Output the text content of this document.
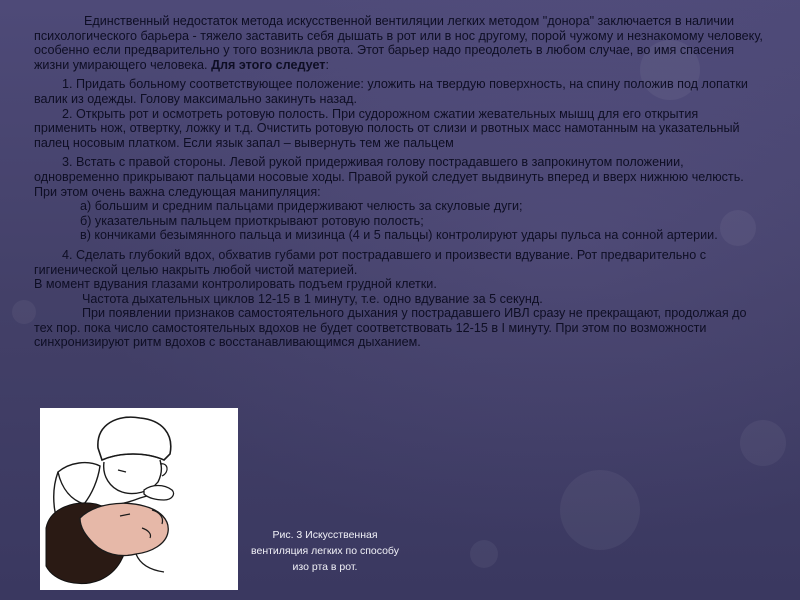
Единственный недостаток метода искусственной вентиляции легких методом "донора" заключается в наличии психологического барьера - тяжело заставить себя дышать в рот или в нос другому, порой чужому и незнакомому человеку, особенно если предварительно у того возникла рвота. Этот барьер надо преодолеть в любом случае, во имя спасения жизни умирающего человека. Для этого следует:

1. Придать больному соответствующее положение: уложить на твердую поверхность, на спину положив под лопатки валик из одежды. Голову максимально закинуть назад.

2. Открыть рот и осмотреть ротовую полость. При судорожном сжатии жевательных мышц для его открытия применить нож, отвертку, ложку и т.д. Очистить ротовую полость от слизи и рвотных масс намотанным на указательный палец носовым платком. Если язык запал – вывернуть тем же пальцем

3. Встать с правой стороны. Левой рукой придерживая голову пострадавшего в запрокинутом положении, одновременно прикрывают пальцами носовые ходы. Правой рукой следует выдвинуть вперед и вверх нижнюю челюсть. При этом очень важна следующая манипуляция:

а) большим и средним пальцами придерживают челюсть за скуловые дуги;

б) указательным пальцем приоткрывают ротовую полость;

в) кончиками безымянного пальца и мизинца (4 и 5 пальцы) контролируют удары пульса на сонной артерии.

4. Сделать глубокий вдох, обхватив губами рот пострадавшего и произвести вдувание. Рот предварительно с гигиенической целью накрыть любой чистой материей.

В момент вдувания глазами контролировать подъем грудной клетки.

Частота дыхательных циклов 12-15 в 1 минуту, т.е. одно вдувание за 5 секунд.

При появлении признаков самостоятельного дыхания у пострадавшего ИВЛ сразу не прекращают, продолжая до тех пор. пока число самостоятельных вдохов не будет соответствовать 12-15 в I минуту. При этом по возможности синхронизируют ритм вдохов с восстанавливающимся дыханием.

Рис. 3 Искусственная вентиляция легких по способу изо рта в рот.
